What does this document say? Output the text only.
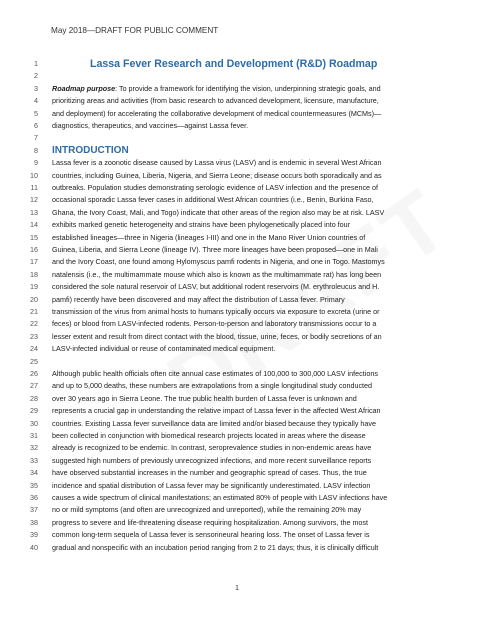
May 2018—DRAFT FOR PUBLIC COMMENT
1	Lassa Fever Research and Development (R&D) Roadmap
2
3 Roadmap purpose: To provide a framework for identifying the vision, underpinning strategic goals, and
4 prioritizing areas and activities (from basic research to advanced development, licensure, manufacture,
5 and deployment) for accelerating the collaborative development of medical countermeasures (MCMs)—
6 diagnostics, therapeutics, and vaccines—against Lassa fever.
7
8 INTRODUCTION
9 Lassa fever is a zoonotic disease caused by Lassa virus (LASV) and is endemic in several West African
10 countries, including Guinea, Liberia, Nigeria, and Sierra Leone; disease occurs both sporadically and as
11 outbreaks. Population studies demonstrating serologic evidence of LASV infection and the presence of
12 occasional sporadic Lassa fever cases in additional West African countries (i.e., Benin, Burkina Faso,
13 Ghana, the Ivory Coast, Mali, and Togo) indicate that other areas of the region also may be at risk. LASV
14 exhibits marked genetic heterogeneity and strains have been phylogenetically placed into four
15 established lineages—three in Nigeria (lineages I-III) and one in the Mano River Union countries of
16 Guinea, Liberia, and Sierra Leone (lineage IV). Three more lineages have been proposed—one in Mali
17 and the Ivory Coast, one found among Hylomyscus pamfi rodents in Nigeria, and one in Togo. Mastomys
18 natalensis (i.e., the multimammate mouse which also is known as the multimammate rat) has long been
19 considered the sole natural reservoir of LASV, but additional rodent reservoirs (M. erythroleucus and H.
20 pamfi) recently have been discovered and may affect the distribution of Lassa fever. Primary
21 transmission of the virus from animal hosts to humans typically occurs via exposure to excreta (urine or
22 feces) or blood from LASV-infected rodents. Person-to-person and laboratory transmissions occur to a
23 lesser extent and result from direct contact with the blood, tissue, urine, feces, or bodily secretions of an
24 LASV-infected individual or reuse of contaminated medical equipment.
25
26 Although public health officials often cite annual case estimates of 100,000 to 300,000 LASV infections
27 and up to 5,000 deaths, these numbers are extrapolations from a single longitudinal study conducted
28 over 30 years ago in Sierra Leone. The true public health burden of Lassa fever is unknown and
29 represents a crucial gap in understanding the relative impact of Lassa fever in the affected West African
30 countries. Existing Lassa fever surveillance data are limited and/or biased because they typically have
31 been collected in conjunction with biomedical research projects located in areas where the disease
32 already is recognized to be endemic. In contrast, seroprevalence studies in non-endemic areas have
33 suggested high numbers of previously unrecognized infections, and more recent surveillance reports
34 have observed substantial increases in the number and geographic spread of cases. Thus, the true
35 incidence and spatial distribution of Lassa fever may be significantly underestimated. LASV infection
36 causes a wide spectrum of clinical manifestations; an estimated 80% of people with LASV infections have
37 no or mild symptoms (and often are unrecognized and unreported), while the remaining 20% may
38 progress to severe and life-threatening disease requiring hospitalization. Among survivors, the most
39 common long-term sequela of Lassa fever is sensorineural hearing loss. The onset of Lassa fever is
40 gradual and nonspecific with an incubation period ranging from 2 to 21 days; thus, it is clinically difficult
1
